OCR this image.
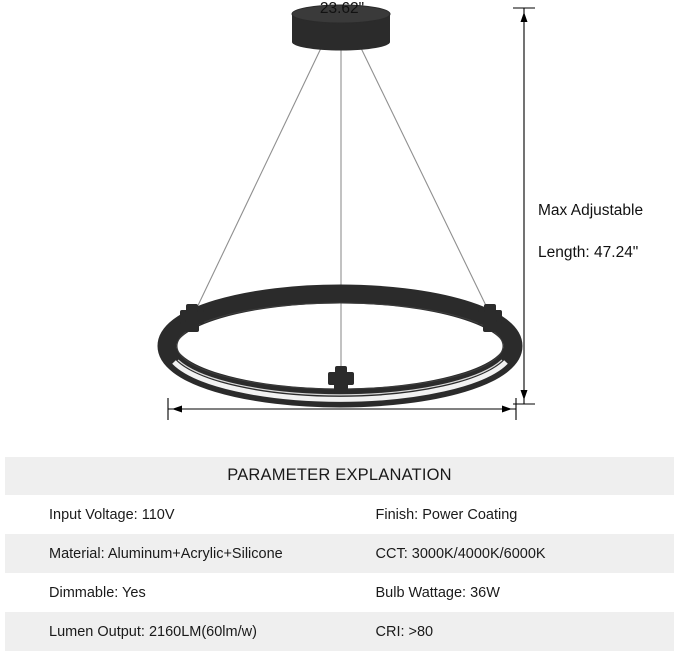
Max Adjustable

Length: 47.24"

23.62"
PARAMETER EXPLANATION	
Input Voltage: 110V	Finish: Power Coating
Material: Aluminum+Acrylic+Silicone	CCT: 3000K/4000K/6000K
Dimmable: Yes	Bulb Wattage: 36W
Lumen Output: 2160LM(60lm/w)	CRI: >80
